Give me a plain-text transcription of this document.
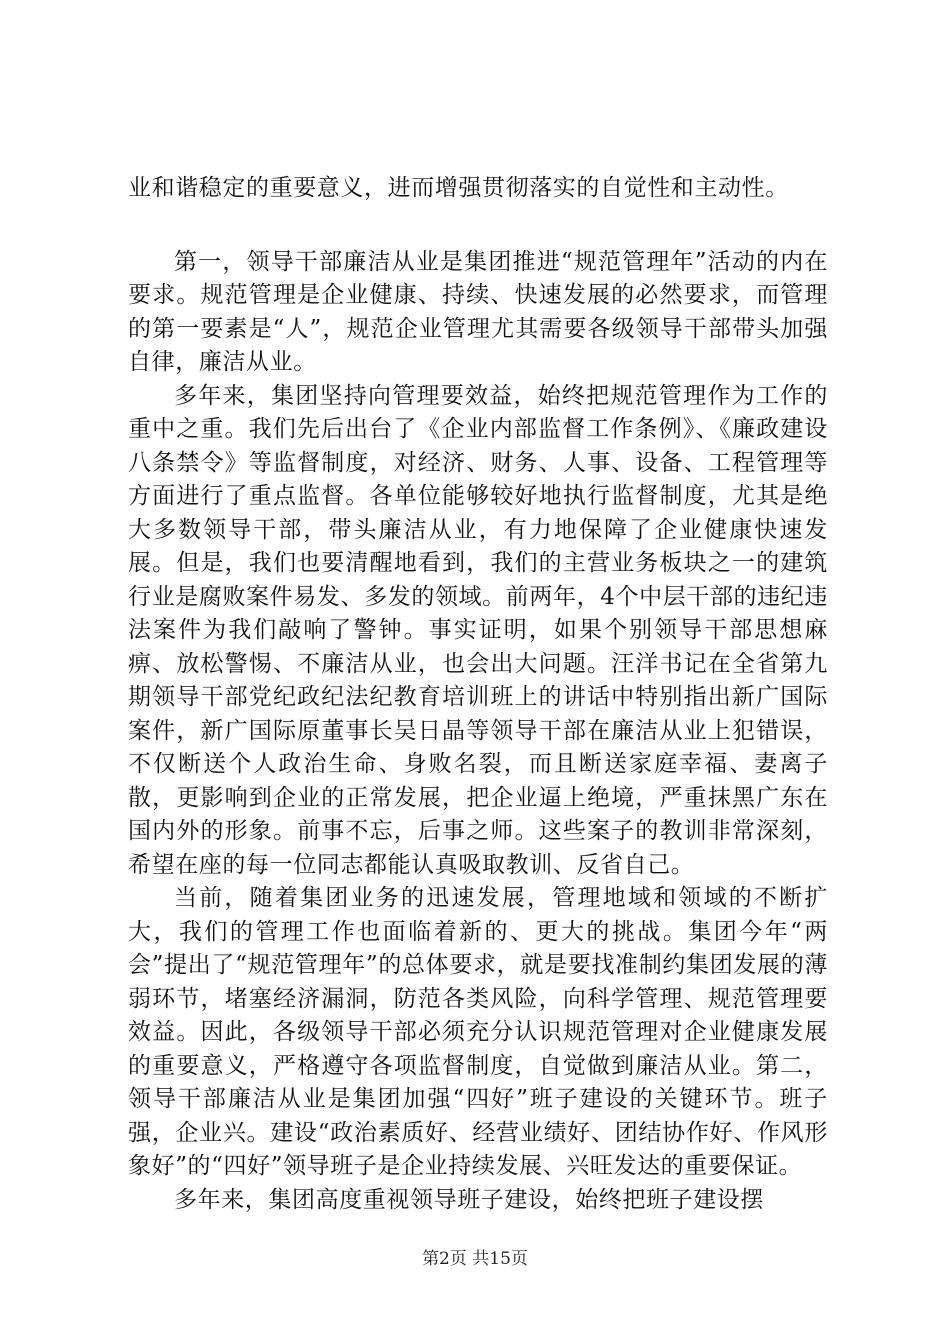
业和谐稳定的重要意义，进而增强贯彻落实的自觉性和主动性。

第一，领导干部廉洁从业是集团推进“规范管理年”活动的内在要求。规范管理是企业健康、持续、快速发展的必然要求，而管理的第一要素是“人”，规范企业管理尤其需要各级领导干部带头加强自律，廉洁从业。

多年来，集团坚持向管理要效益，始终把规范管理作为工作的重中之重。我们先后出台了《企业内部监督工作条例》、《廉政建设八条禁令》等监督制度，对经济、财务、人事、设备、工程管理等方面进行了重点监督。各单位能够较好地执行监督制度，尤其是绝大多数领导干部，带头廉洁从业，有力地保障了企业健康快速发展。但是，我们也要清醒地看到，我们的主营业务板块之一的建筑行业是腐败案件易发、多发的领域。前两年，4个中层干部的违纪违法案件为我们敲响了警钟。事实证明，如果个别领导干部思想麻痹、放松警惕、不廉洁从业，也会出大问题。汪洋书记在全省第九期领导干部党纪政纪法纪教育培训班上的讲话中特别指出新广国际案件，新广国际原董事长吴日晶等领导干部在廉洁从业上犯错误，不仅断送个人政治生命、身败名裂，而且断送家庭幸福、妻离子散，更影响到企业的正常发展，把企业逼上绝境，严重抹黑广东在国内外的形象。前事不忘，后事之师。这些案子的教训非常深刻，希望在座的每一位同志都能认真吸取教训、反省自己。

当前，随着集团业务的迅速发展，管理地域和领域的不断扩大，我们的管理工作也面临着新的、更大的挑战。集团今年“两会”提出了“规范管理年”的总体要求，就是要找准制约集团发展的薄弱环节，堵塞经济漏洞，防范各类风险，向科学管理、规范管理要效益。因此，各级领导干部必须充分认识规范管理对企业健康发展的重要意义，严格遵守各项监督制度，自觉做到廉洁从业。第二，领导干部廉洁从业是集团加强“四好”班子建设的关键环节。班子强，企业兴。建设“政治素质好、经营业绩好、团结协作好、作风形象好”的“四好”领导班子是企业持续发展、兴旺发达的重要保证。

多年来，集团高度重视领导班子建设，始终把班子建设摆

第2页 共15页
